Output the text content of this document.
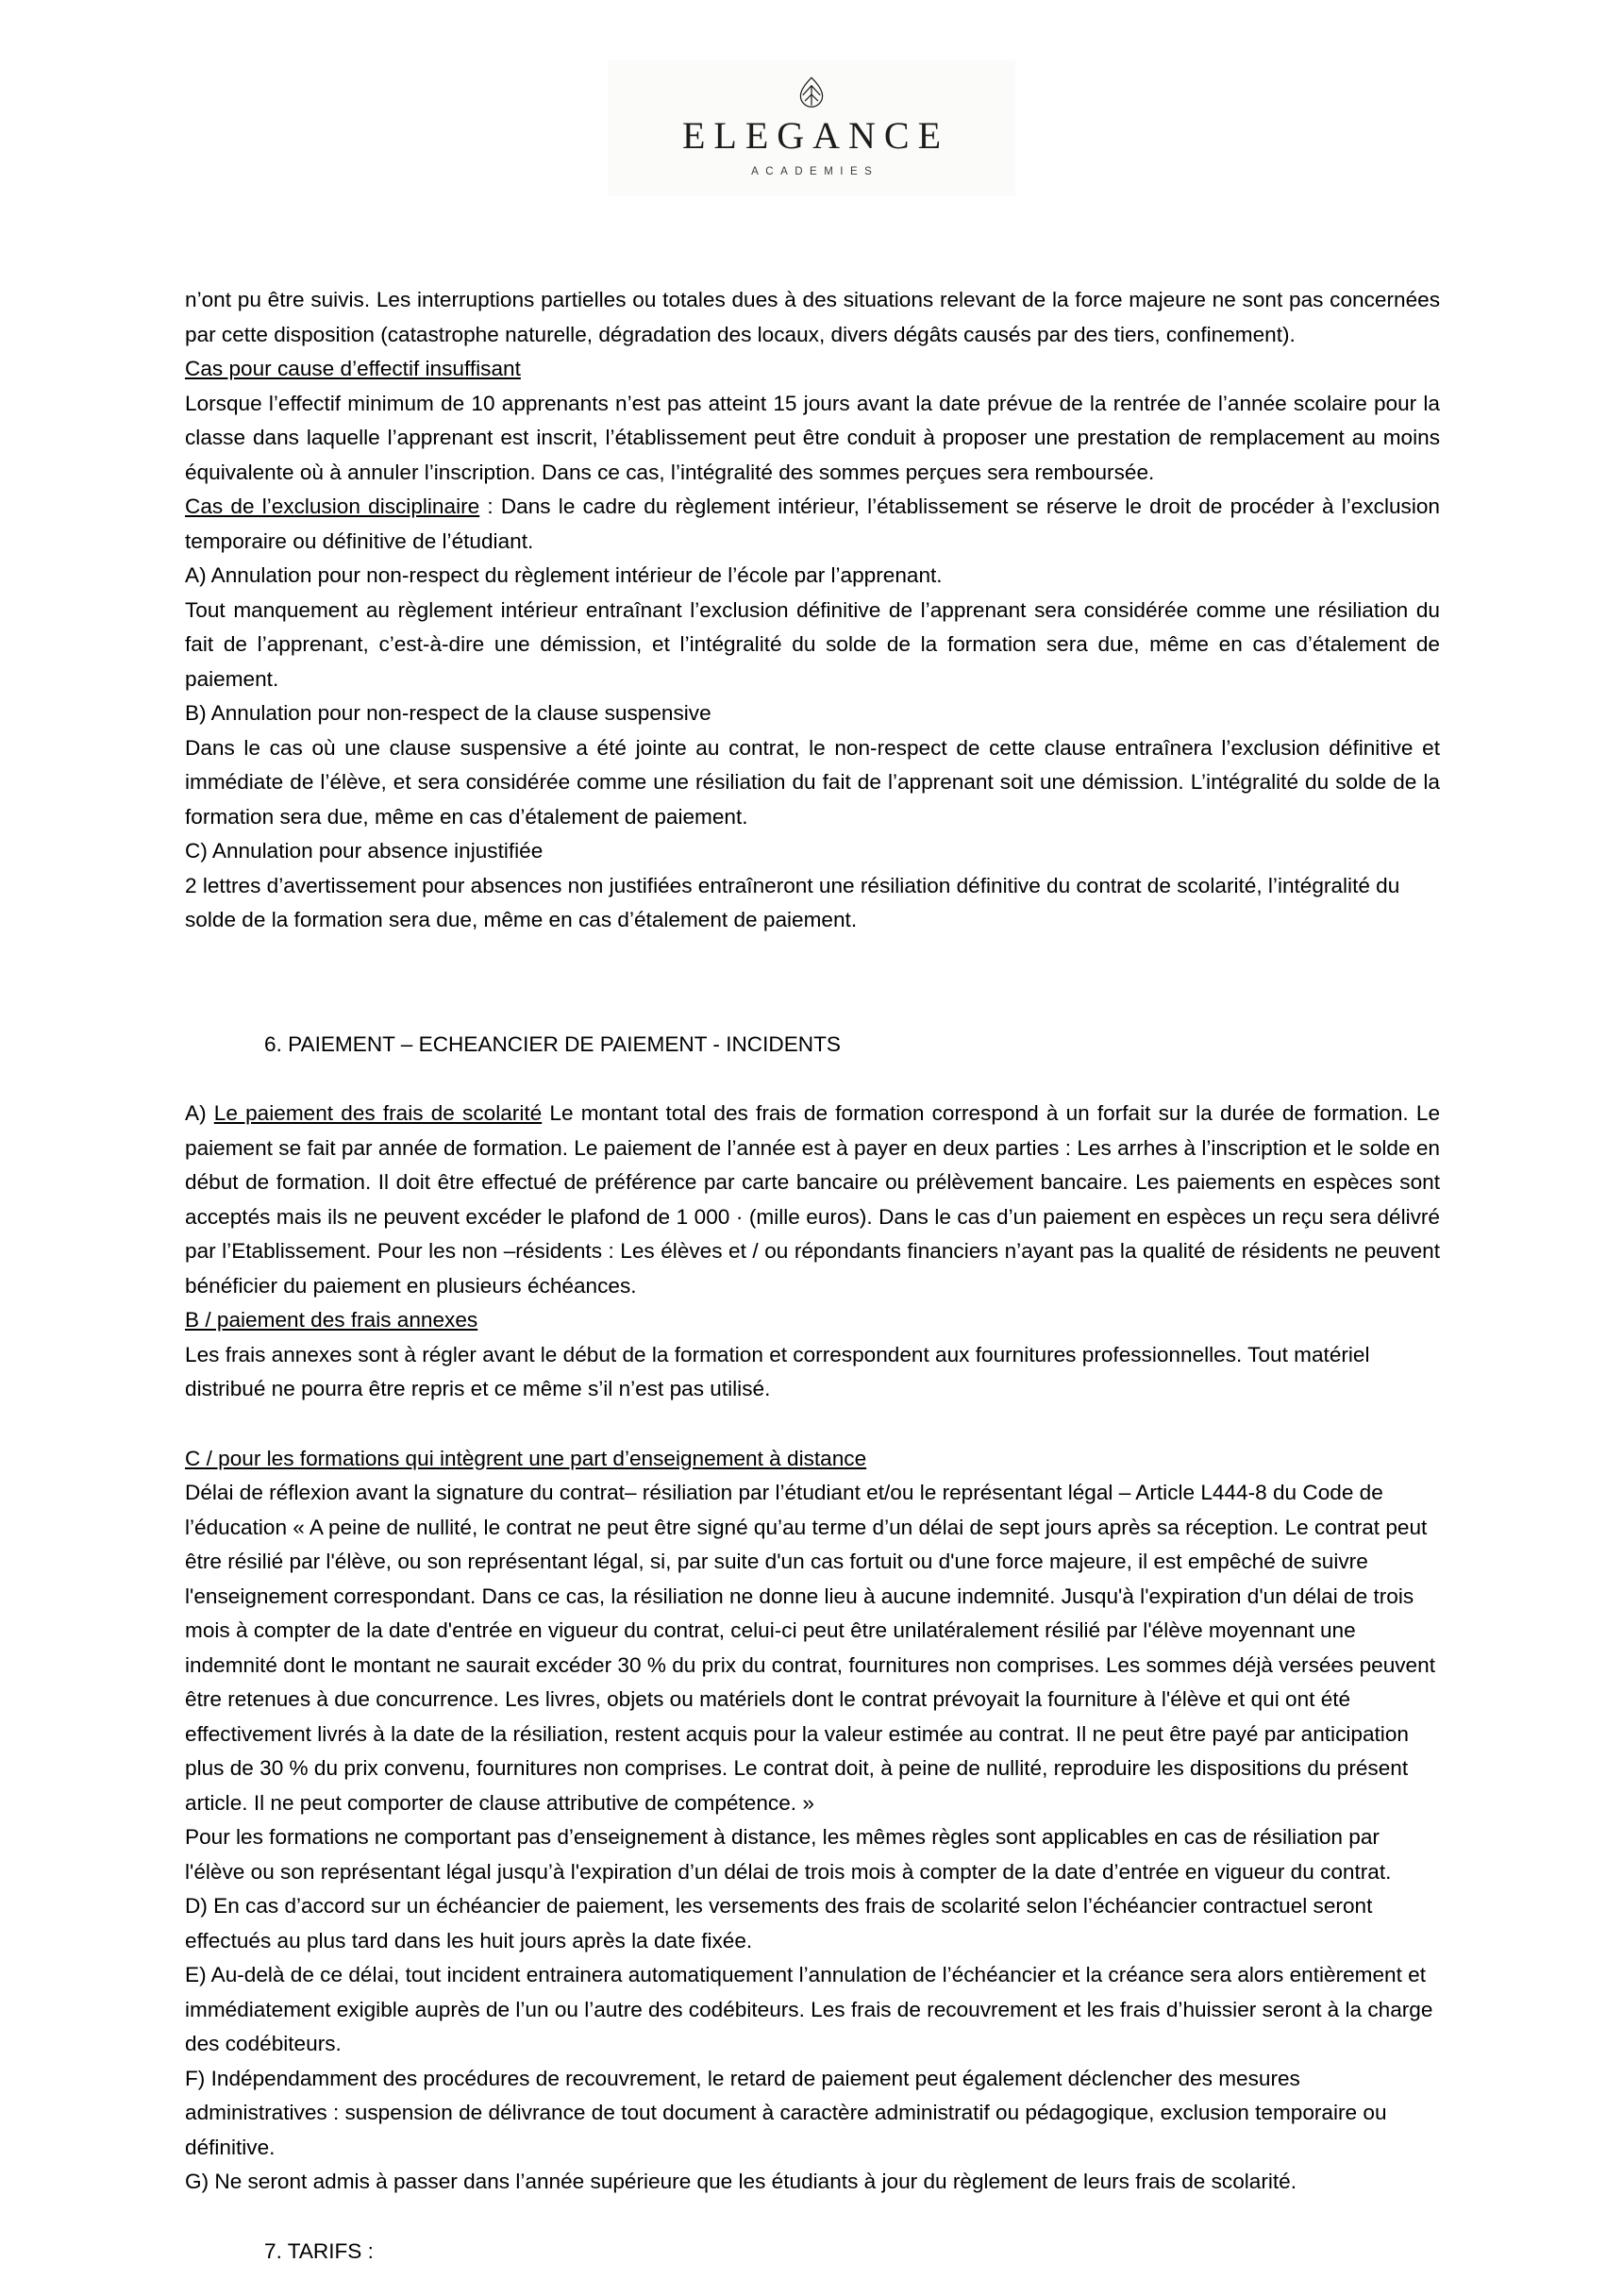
ELEGANCE
ACADEMIES

n’ont pu être suivis. Les interruptions partielles ou totales dues à des situations relevant de la force majeure ne sont pas concernées par cette disposition (catastrophe naturelle, dégradation des locaux, divers dégâts causés par des tiers, confinement).

Cas pour cause d’effectif insuffisant

Lorsque l’effectif minimum de 10 apprenants n’est pas atteint 15 jours avant la date prévue de la rentrée de l’année scolaire pour la classe dans laquelle l’apprenant est inscrit, l’établissement peut être conduit à proposer une prestation de remplacement au moins équivalente où à annuler l’inscription. Dans ce cas, l’intégralité des sommes perçues sera remboursée.

Cas de l’exclusion disciplinaire : Dans le cadre du règlement intérieur, l’établissement se réserve le droit de procéder à l’exclusion temporaire ou définitive de l’étudiant.

A) Annulation pour non-respect du règlement intérieur de l’école par l’apprenant.

Tout manquement au règlement intérieur entraînant l’exclusion définitive de l’apprenant sera considérée comme une résiliation du fait de l’apprenant, c’est-à-dire une démission, et l’intégralité du solde de la formation sera due, même en cas d’étalement de paiement.

B) Annulation pour non-respect de la clause suspensive

Dans le cas où une clause suspensive a été jointe au contrat, le non-respect de cette clause entraînera l’exclusion définitive et immédiate de l’élève, et sera considérée comme une résiliation du fait de l’apprenant soit une démission. L’intégralité du solde de la formation sera due, même en cas d’étalement de paiement.

C) Annulation pour absence injustifiée

2 lettres d’avertissement pour absences non justifiées entraîneront une résiliation définitive du contrat de scolarité, l’intégralité du solde de la formation sera due, même en cas d’étalement de paiement.

6. PAIEMENT – ECHEANCIER DE PAIEMENT - INCIDENTS

A) Le paiement des frais de scolarité Le montant total des frais de formation correspond à un forfait sur la durée de formation. Le paiement se fait par année de formation. Le paiement de l’année est à payer en deux parties : Les arrhes à l’inscription et le solde en début de formation. Il doit être effectué de préférence par carte bancaire ou prélèvement bancaire. Les paiements en espèces sont acceptés mais ils ne peuvent excéder le plafond de 1 000 · (mille euros). Dans le cas d’un paiement en espèces un reçu sera délivré par l’Etablissement. Pour les non –résidents : Les élèves et / ou répondants financiers n’ayant pas la qualité de résidents ne peuvent bénéficier du paiement en plusieurs échéances.

B / paiement des frais annexes

Les frais annexes sont à régler avant le début de la formation et correspondent aux fournitures professionnelles. Tout matériel distribué ne pourra être repris et ce même s’il n’est pas utilisé.

C / pour les formations qui intègrent une part d’enseignement à distance

Délai de réflexion avant la signature du contrat– résiliation par l’étudiant et/ou le représentant légal – Article L444-8 du Code de l’éducation « A peine de nullité, le contrat ne peut être signé qu’au terme d’un délai de sept jours après sa réception. Le contrat peut être résilié par l'élève, ou son représentant légal, si, par suite d'un cas fortuit ou d'une force majeure, il est empêché de suivre l'enseignement correspondant. Dans ce cas, la résiliation ne donne lieu à aucune indemnité. Jusqu'à l'expiration d'un délai de trois mois à compter de la date d'entrée en vigueur du contrat, celui-ci peut être unilatéralement résilié par l'élève moyennant une indemnité dont le montant ne saurait excéder 30 % du prix du contrat, fournitures non comprises. Les sommes déjà versées peuvent être retenues à due concurrence. Les livres, objets ou matériels dont le contrat prévoyait la fourniture à l'élève et qui ont été effectivement livrés à la date de la résiliation, restent acquis pour la valeur estimée au contrat. Il ne peut être payé par anticipation plus de 30 % du prix convenu, fournitures non comprises. Le contrat doit, à peine de nullité, reproduire les dispositions du présent article. Il ne peut comporter de clause attributive de compétence. »

Pour les formations ne comportant pas d’enseignement à distance, les mêmes règles sont applicables en cas de résiliation par l'élève ou son représentant légal jusqu’à l'expiration d’un délai de trois mois à compter de la date d’entrée en vigueur du contrat.

D) En cas d’accord sur un échéancier de paiement, les versements des frais de scolarité selon l’échéancier contractuel seront effectués au plus tard dans les huit jours après la date fixée.

E) Au-delà de ce délai, tout incident entrainera automatiquement l’annulation de l’échéancier et la créance sera alors entièrement et immédiatement exigible auprès de l’un ou l’autre des codébiteurs. Les frais de recouvrement et les frais d’huissier seront à la charge des codébiteurs.

F) Indépendamment des procédures de recouvrement, le retard de paiement peut également déclencher des mesures administratives : suspension de délivrance de tout document à caractère administratif ou pédagogique, exclusion temporaire ou définitive.

G) Ne seront admis à passer dans l’année supérieure que les étudiants à jour du règlement de leurs frais de scolarité.

7. TARIFS :
